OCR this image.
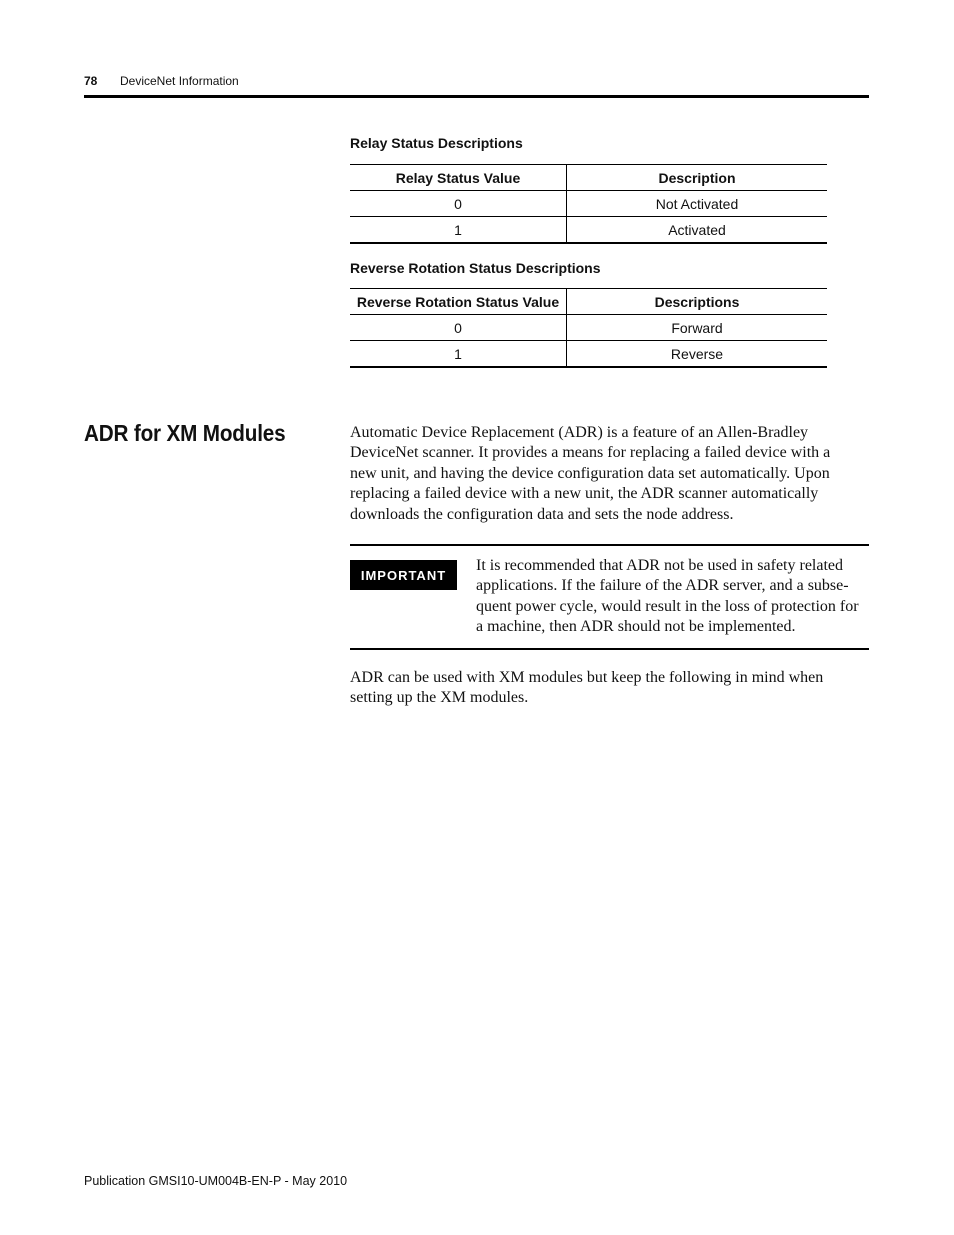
78 DeviceNet Information
Relay Status Descriptions
Relay Status Value	Description
0	Not Activated
1	Activated
Reverse Rotation Status Descriptions
Reverse Rotation Status Value	Descriptions
0	Forward
1	Reverse
ADR for XM Modules	Automatic Device Replacement (ADR) is a feature of an Allen-Bradley DeviceNet scanner. It provides a means for replacing a failed device with a new unit, and having the device configuration data set automatically. Upon replacing a failed device with a new unit, the ADR scanner automatically downloads the configuration data and sets the node address.

IMPORTANT

It is recommended that ADR not be used in safety related applications. If the failure of the ADR server, and a subse-quent power cycle, would result in the loss of protection for a machine, then ADR should not be implemented.

ADR can be used with XM modules but keep the following in mind when setting up the XM modules.

Publication GMSI10-UM004B-EN-P - May 2010
